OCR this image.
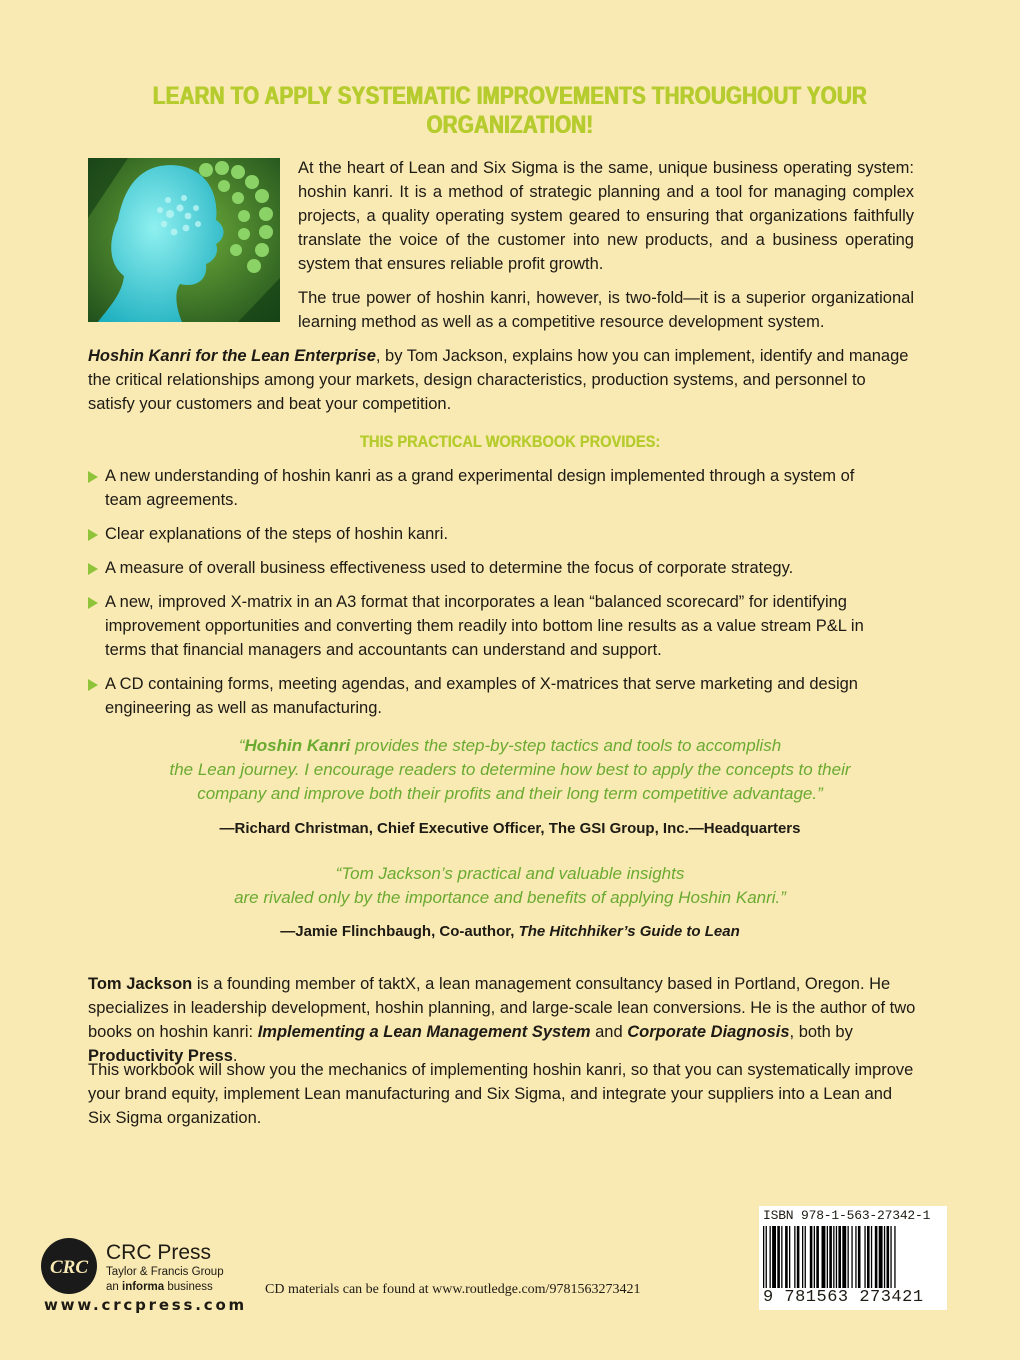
LEARN TO APPLY SYSTEMATIC IMPROVEMENTS THROUGHOUT YOUR ORGANIZATION!

At the heart of Lean and Six Sigma is the same, unique business operating system: hoshin kanri. It is a method of strategic planning and a tool for managing complex projects, a quality operating system geared to ensuring that organizations faithfully translate the voice of the customer into new products, and a business operating system that ensures reliable profit growth.

The true power of hoshin kanri, however, is two-fold—it is a superior organizational learning method as well as a competitive resource development system.

Hoshin Kanri for the Lean Enterprise, by Tom Jackson, explains how you can implement, identify and manage the critical relationships among your markets, design characteristics, production systems, and personnel to satisfy your customers and beat your competition.

THIS PRACTICAL WORKBOOK PROVIDES:
A new understanding of hoshin kanri as a grand experimental design implemented through a system of team agreements.
Clear explanations of the steps of hoshin kanri.
A measure of overall business effectiveness used to determine the focus of corporate strategy.
A new, improved X-matrix in an A3 format that incorporates a lean “balanced scorecard” for identifying improvement opportunities and converting them readily into bottom line results as a value stream P&L in terms that financial managers and accountants can understand and support.
A CD containing forms, meeting agendas, and examples of X-matrices that serve marketing and design engineering as well as manufacturing.

“Hoshin Kanri provides the step-by-step tactics and tools to accomplish

the Lean journey. I encourage readers to determine how best to apply the concepts to their

company and improve both their profits and their long term competitive advantage.”

—Richard Christman, Chief Executive Officer, The GSI Group, Inc.—Headquarters

“Tom Jackson’s practical and valuable insights

are rivaled only by the importance and benefits of applying Hoshin Kanri.”

—Jamie Flinchbaugh, Co-author, The Hitchhiker’s Guide to Lean

Tom Jackson is a founding member of taktX, a lean management consultancy based in Portland, Oregon. He specializes in leadership development, hoshin planning, and large-scale lean conversions. He is the author of two books on hoshin kanri: Implementing a Lean Management System and Corporate Diagnosis, both by Productivity Press.

This workbook will show you the mechanics of implementing hoshin kanri, so that you can systematically improve your brand equity, implement Lean manufacturing and Six Sigma, and integrate your suppliers into a Lean and Six Sigma organization.

CRC
CRC Press
Taylor & Francis Group
an informa business
www.crcpress.com
CD materials can be found at www.routledge.com/9781563273421
ISBN 978-1-563-27342-1
9 781563 273421
